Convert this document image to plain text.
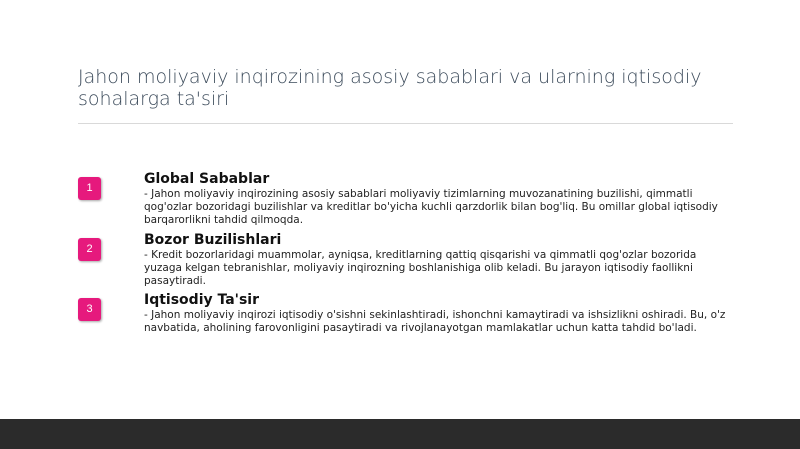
Jahon moliyaviy inqirozining asosiy sabablari va ularning iqtisodiy sohalarga ta'siri
1
Global Sabablar
- Jahon moliyaviy inqirozining asosiy sabablari moliyaviy tizimlarning muvozanatining buzilishi, qimmatli qog'ozlar bozoridagi buzilishlar va kreditlar bo'yicha kuchli qarzdorlik bilan bog'liq. Bu omillar global iqtisodiy barqarorlikni tahdid qilmoqda.
2
Bozor Buzilishlari
- Kredit bozorlaridagi muammolar, ayniqsa, kreditlarning qattiq qisqarishi va qimmatli qog'ozlar bozorida yuzaga kelgan tebranishlar, moliyaviy inqirozning boshlanishiga olib keladi. Bu jarayon iqtisodiy faollikni pasaytiradi.
3
Iqtisodiy Ta'sir
- Jahon moliyaviy inqirozi iqtisodiy o'sishni sekinlashtiradi, ishonchni kamaytiradi va ishsizlikni oshiradi. Bu, o'z navbatida, aholining farovonligini pasaytiradi va rivojlanayotgan mamlakatlar uchun katta tahdid bo'ladi.
